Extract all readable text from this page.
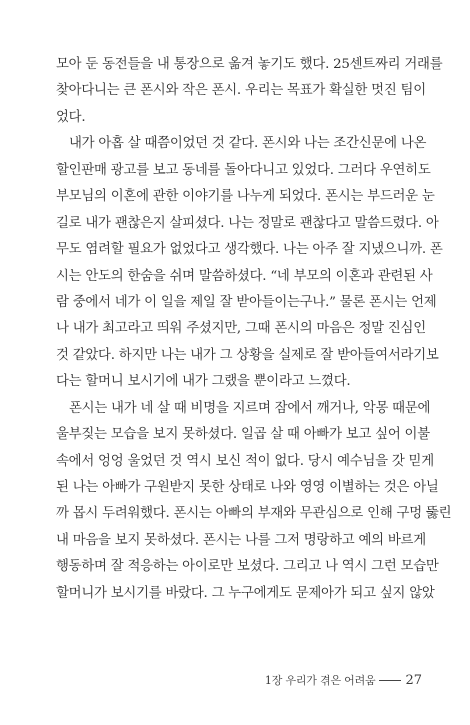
모아 둔 동전들을 내 통장으로 옮겨 놓기도 했다. 25센트짜리 거래를
찾아다니는 큰 폰시와 작은 폰시. 우리는 목표가 확실한 멋진 팀이
었다.
내가 아홉 살 때쯤이었던 것 같다. 폰시와 나는 조간신문에 나온
할인판매 광고를 보고 동네를 돌아다니고 있었다. 그러다 우연히도
부모님의 이혼에 관한 이야기를 나누게 되었다. 폰시는 부드러운 눈
길로 내가 괜찮은지 살피셨다. 나는 정말로 괜찮다고 말씀드렸다. 아
무도 염려할 필요가 없었다고 생각했다. 나는 아주 잘 지냈으니까. 폰
시는 안도의 한숨을 쉬며 말씀하셨다. “네 부모의 이혼과 관련된 사
람 중에서 네가 이 일을 제일 잘 받아들이는구나.” 물론 폰시는 언제
나 내가 최고라고 띄워 주셨지만, 그때 폰시의 마음은 정말 진심인
것 같았다. 하지만 나는 내가 그 상황을 실제로 잘 받아들여서라기보
다는 할머니 보시기에 내가 그랬을 뿐이라고 느꼈다.
폰시는 내가 네 살 때 비명을 지르며 잠에서 깨거나, 악몽 때문에
울부짖는 모습을 보지 못하셨다. 일곱 살 때 아빠가 보고 싶어 이불
속에서 엉엉 울었던 것 역시 보신 적이 없다. 당시 예수님을 갓 믿게
된 나는 아빠가 구원받지 못한 상태로 나와 영영 이별하는 것은 아닐
까 몹시 두려워했다. 폰시는 아빠의 부재와 무관심으로 인해 구멍 뚫린
내 마음을 보지 못하셨다. 폰시는 나를 그저 명랑하고 예의 바르게
행동하며 잘 적응하는 아이로만 보셨다. 그리고 나 역시 그런 모습만
할머니가 보시기를 바랐다. 그 누구에게도 문제아가 되고 싶지 않았
1장 우리가 겪은 어려움 27
